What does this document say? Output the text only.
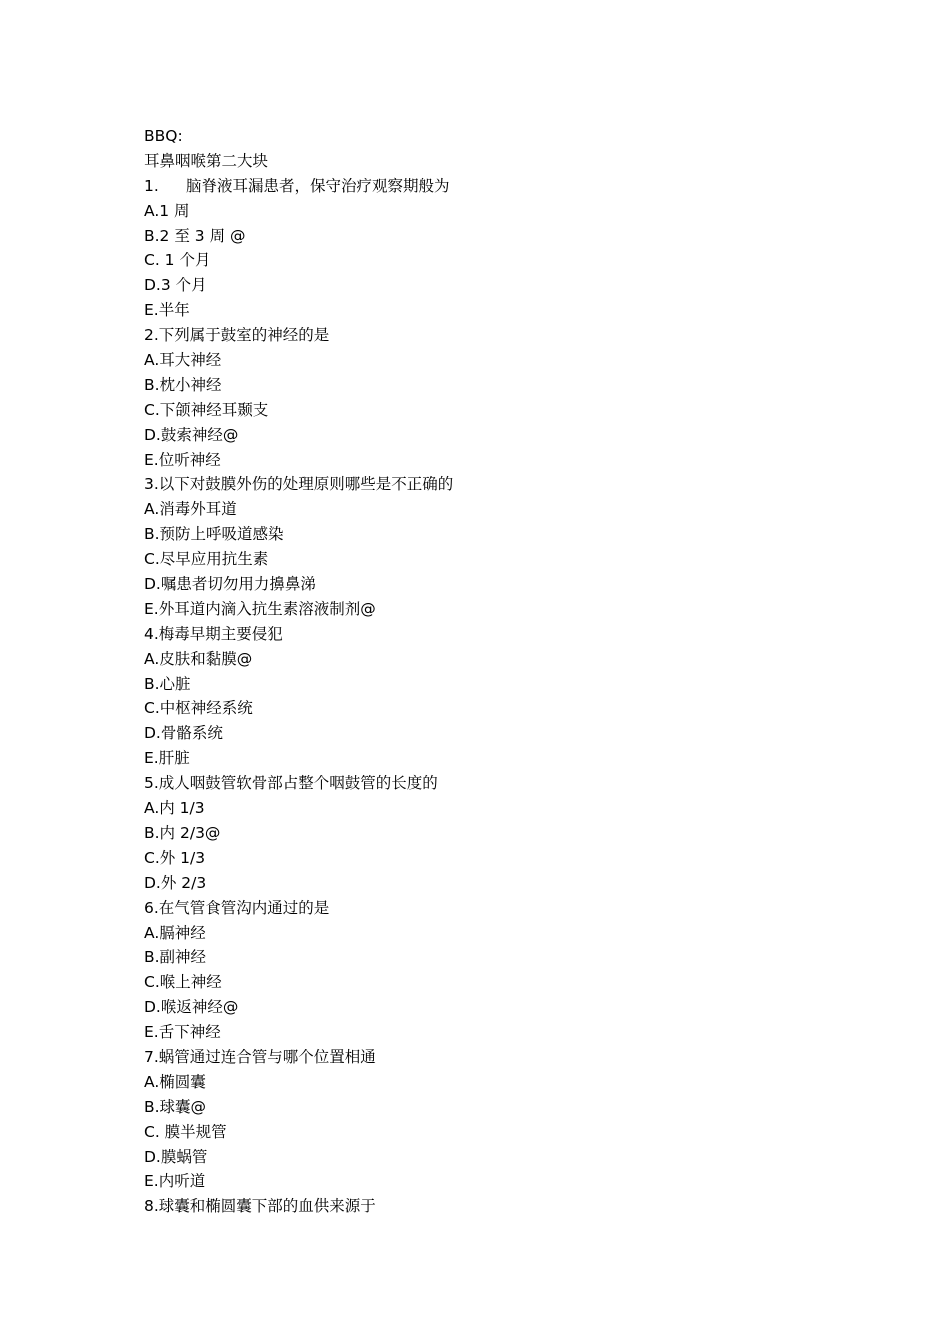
BBQ:
耳鼻咽喉第二大块
1. 脑脊液耳漏患者，保守治疗观察期般为
A.1 周
B.2 至 3 周 @
C. 1 个月
D.3 个月
E.半年
2.下列属于鼓室的神经的是
A.耳大神经
B.枕小神经
C.下颌神经耳颞支
D.鼓索神经@
E.位听神经
3.以下对鼓膜外伤的处理原则哪些是不正确的
A.消毒外耳道
B.预防上呼吸道感染
C.尽早应用抗生素
D.嘱患者切勿用力擤鼻涕
E.外耳道内滴入抗生素溶液制剂@
4.梅毒早期主要侵犯
A.皮肤和黏膜@
B.心脏
C.中枢神经系统
D.骨骼系统
E.肝脏
5.成人咽鼓管软骨部占整个咽鼓管的长度的
A.内 1/3
B.内 2/3@
C.外 1/3
D.外 2/3
6.在气管食管沟内通过的是
A.膈神经
B.副神经
C.喉上神经
D.喉返神经@
E.舌下神经
7.蜗管通过连合管与哪个位置相通
A.椭圆囊
B.球囊@
C. 膜半规管
D.膜蜗管
E.内听道
8.球囊和椭圆囊下部的血供来源于
